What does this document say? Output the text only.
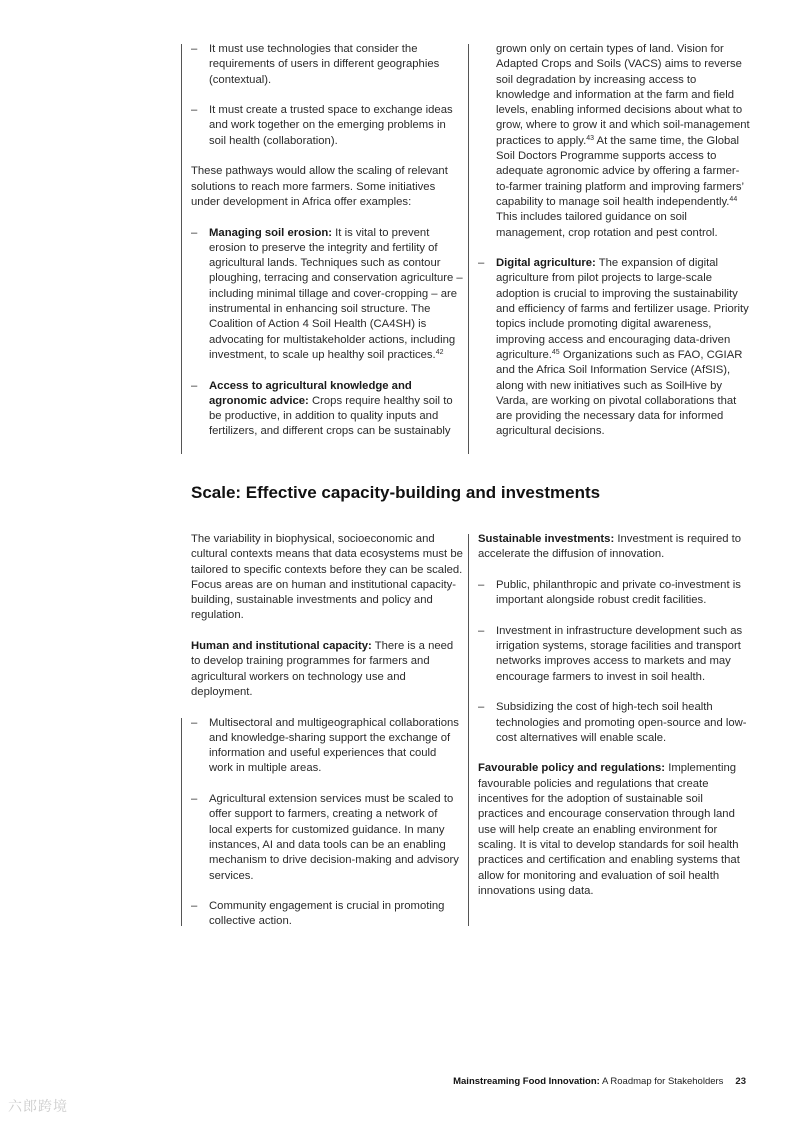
– It must use technologies that consider the requirements of users in different geographies (contextual).

– It must create a trusted space to exchange ideas and work together on the emerging problems in soil health (collaboration).

These pathways would allow the scaling of relevant solutions to reach more farmers. Some initiatives under development in Africa offer examples:

– Managing soil erosion: It is vital to prevent erosion to preserve the integrity and fertility of agricultural lands. Techniques such as contour ploughing, terracing and conservation agriculture – including minimal tillage and cover-cropping – are instrumental in enhancing soil structure. The Coalition of Action 4 Soil Health (CA4SH) is advocating for multistakeholder actions, including investment, to scale up healthy soil practices.$^{42}$

– Access to agricultural knowledge and agronomic advice: Crops require healthy soil to be productive, in addition to quality inputs and fertilizers, and different crops can be sustainably

grown only on certain types of land. Vision for Adapted Crops and Soils (VACS) aims to reverse soil degradation by increasing access to knowledge and information at the farm and field levels, enabling informed decisions about what to grow, where to grow it and which soil-management practices to apply.$^{43}$ At the same time, the Global Soil Doctors Programme supports access to adequate agronomic advice by offering a farmer-to-farmer training platform and improving farmers’ capability to manage soil health independently.$^{44}$ This includes tailored guidance on soil management, crop rotation and pest control.

– Digital agriculture: The expansion of digital agriculture from pilot projects to large-scale adoption is crucial to improving the sustainability and efficiency of farms and fertilizer usage. Priority topics include promoting digital awareness, improving access and encouraging data-driven agriculture.$^{45}$ Organizations such as FAO, CGIAR and the Africa Soil Information Service (AfSIS), along with new initiatives such as SoilHive by Varda, are working on pivotal collaborations that are providing the necessary data for informed agricultural decisions.

Scale: Effective capacity-building and investments

The variability in biophysical, socioeconomic and cultural contexts means that data ecosystems must be tailored to specific contexts before they can be scaled. Focus areas are on human and institutional capacity-building, sustainable investments and policy and regulation.

Human and institutional capacity: There is a need to develop training programmes for farmers and agricultural workers on technology use and deployment.

– Multisectoral and multigeographical collaborations and knowledge-sharing support the exchange of information and useful experiences that could work in multiple areas.

– Agricultural extension services must be scaled to offer support to farmers, creating a network of local experts for customized guidance. In many instances, AI and data tools can be an enabling mechanism to drive decision-making and advisory services.

– Community engagement is crucial in promoting collective action.

Sustainable investments: Investment is required to accelerate the diffusion of innovation.

– Public, philanthropic and private co-investment is important alongside robust credit facilities.

– Investment in infrastructure development such as irrigation systems, storage facilities and transport networks improves access to markets and may encourage farmers to invest in soil health.

– Subsidizing the cost of high-tech soil health technologies and promoting open-source and low-cost alternatives will enable scale.

Favourable policy and regulations: Implementing favourable policies and regulations that create incentives for the adoption of sustainable soil practices and encourage conservation through land use will help create an enabling environment for scaling. It is vital to develop standards for soil health practices and certification and enabling systems that allow for monitoring and evaluation of soil health innovations using data.

Mainstreaming Food Innovation: A Roadmap for Stakeholders 23
六郎跨境
